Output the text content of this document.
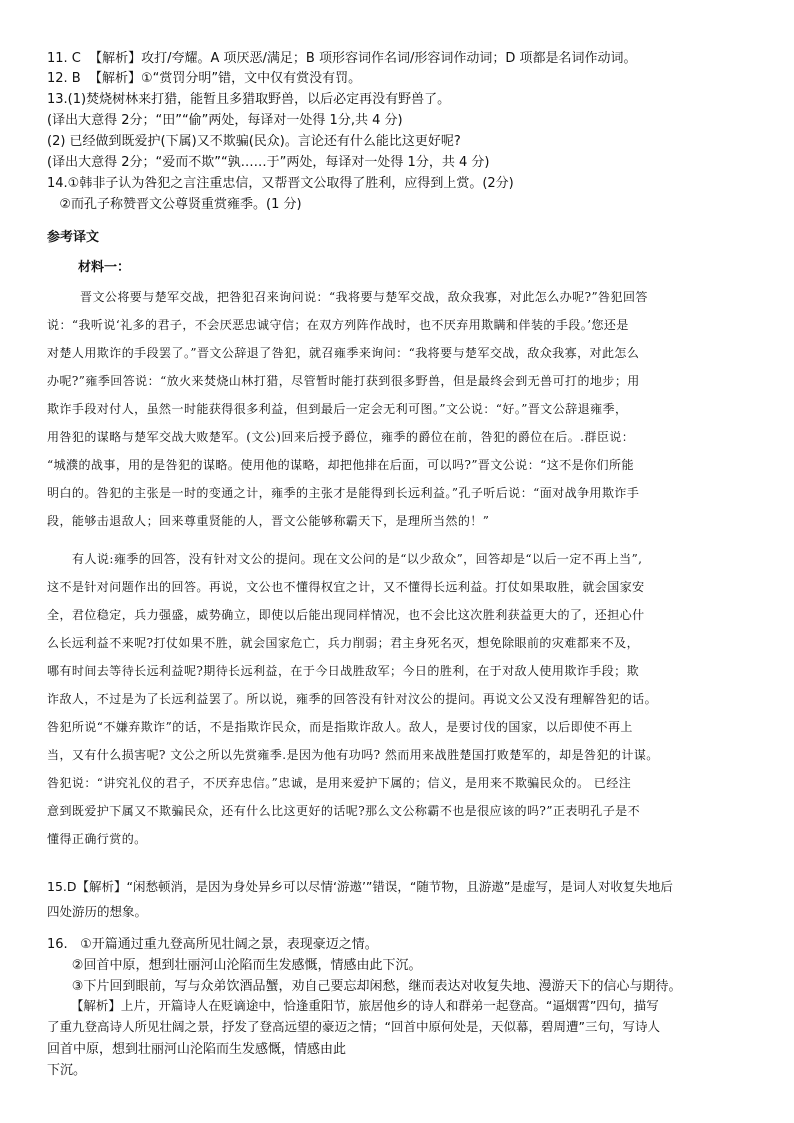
11. C  【解析】攻打/夸耀。A 项厌恶/满足；B 项形容词作名词/形容词作动词；D 项都是名词作动词。
12. B  【解析】①“赏罚分明”错，文中仅有赏没有罚。
13.(1)焚烧树林来打猎，能暂且多猎取野兽，以后必定再没有野兽了。
(译出大意得 2分；“田”“偷”两处，每译对一处得 1分,共 4 分)
(2) 已经做到既爱护(下属)又不欺骗(民众)。言论还有什么能比这更好呢?
(译出大意得 2分；“爱而不欺”“孰……于”两处，每译对一处得 1分，共 4 分)
14.①韩非子认为咎犯之言注重忠信，又帮晋文公取得了胜利，应得到上赏。(2分)
②而孔子称赞晋文公尊贤重赏雍季。(1 分)
参考译文
材料一：
晋文公将要与楚军交战，把咎犯召来询问说：“我将要与楚军交战，敌众我寡，对此怎么办呢?”咎犯回答
说：“我听说‘礼多的君子，不会厌恶忠诚守信；在双方列阵作战时，也不厌弃用欺瞒和伴装的手段。’您还是
对楚人用欺诈的手段罢了。”晋文公辞退了咎犯，就召雍季来询问：“我将要与楚军交战，敌众我寡，对此怎么
办呢?”雍季回答说：“放火来焚烧山林打猎，尽管暂时能打获到很多野兽，但是最终会到无兽可打的地步；用
欺诈手段对付人，虽然一时能获得很多利益，但到最后一定会无利可图。”文公说：“好。”晋文公辞退雍季，
用咎犯的谋略与楚军交战大败楚军。(文公)回来后授予爵位，雍季的爵位在前，咎犯的爵位在后。.群臣说：
“城濮的战事，用的是咎犯的谋略。使用他的谋略，却把他排在后面，可以吗?”晋文公说：“这不是你们所能
明白的。咎犯的主张是一时的变通之计，雍季的主张才是能得到长远利益。”孔子听后说：“面对战争用欺诈手
段，能够击退敌人；回来尊重贤能的人，晋文公能够称霸天下，是理所当然的！”
有人说:雍季的回答，没有针对文公的提问。现在文公问的是“以少敌众”，回答却是“以后一定不再上当”,
这不是针对问题作出的回答。再说，文公也不懂得权宜之计，又不懂得长远利益。打仗如果取胜，就会国家安
全，君位稳定，兵力强盛，威势确立，即使以后能出现同样情况，也不会比这次胜利获益更大的了，还担心什
么长远利益不来呢?打仗如果不胜，就会国家危亡，兵力削弱；君主身死名灭，想免除眼前的灾难都来不及，
哪有时间去等待长远利益呢?期待长远利益，在于今日战胜敌军；今日的胜利，在于对敌人使用欺诈手段；欺
诈敌人，不过是为了长远利益罢了。所以说，雍季的回答没有针对汶公的提问。再说文公又没有理解咎犯的话。
咎犯所说“不嫌弃欺诈”的话，不是指欺诈民众，而是指欺诈敌人。敌人，是要讨伐的国家，以后即使不再上
当，又有什么损害呢? 文公之所以先赏雍季.是因为他有功吗? 然而用来战胜楚国打败楚军的，却是咎犯的计谋。
咎犯说：“讲究礼仪的君子，不厌弃忠信。”忠诚，是用来爱护下属的；信义，是用来不欺骗民众的。 已经注
意到既爱护下属又不欺骗民众，还有什么比这更好的话呢?那么文公称霸不也是很应该的吗?”正表明孔子是不
懂得正确行赏的。
15.D【解析】“闲愁顿消，是因为身处异乡可以尽情‘游遨’”错误，“随节物，且游遨”是虚写，是词人对收复失地后
四处游历的想象。
16.   ①开篇通过重九登高所见壮阔之景，表现豪迈之情。
②回首中原，想到壮丽河山沦陷而生发感慨，情感由此下沉。
③下片回到眼前，写与众弟饮酒品蟹，劝自己要忘却闲愁，继而表达对收复失地、漫游天下的信心与期待。
【解析】上片，开篇诗人在贬谪途中，恰逢重阳节，旅居他乡的诗人和群弟一起登高。“逼烟霄”四句，描写
了重九登高诗人所见壮阔之景，抒发了登高远望的豪迈之情；“回首中原何处是，天似幕，碧周遭”三句，写诗人
回首中原，想到壮丽河山沦陷而生发感慨，情感由此
下沉。
